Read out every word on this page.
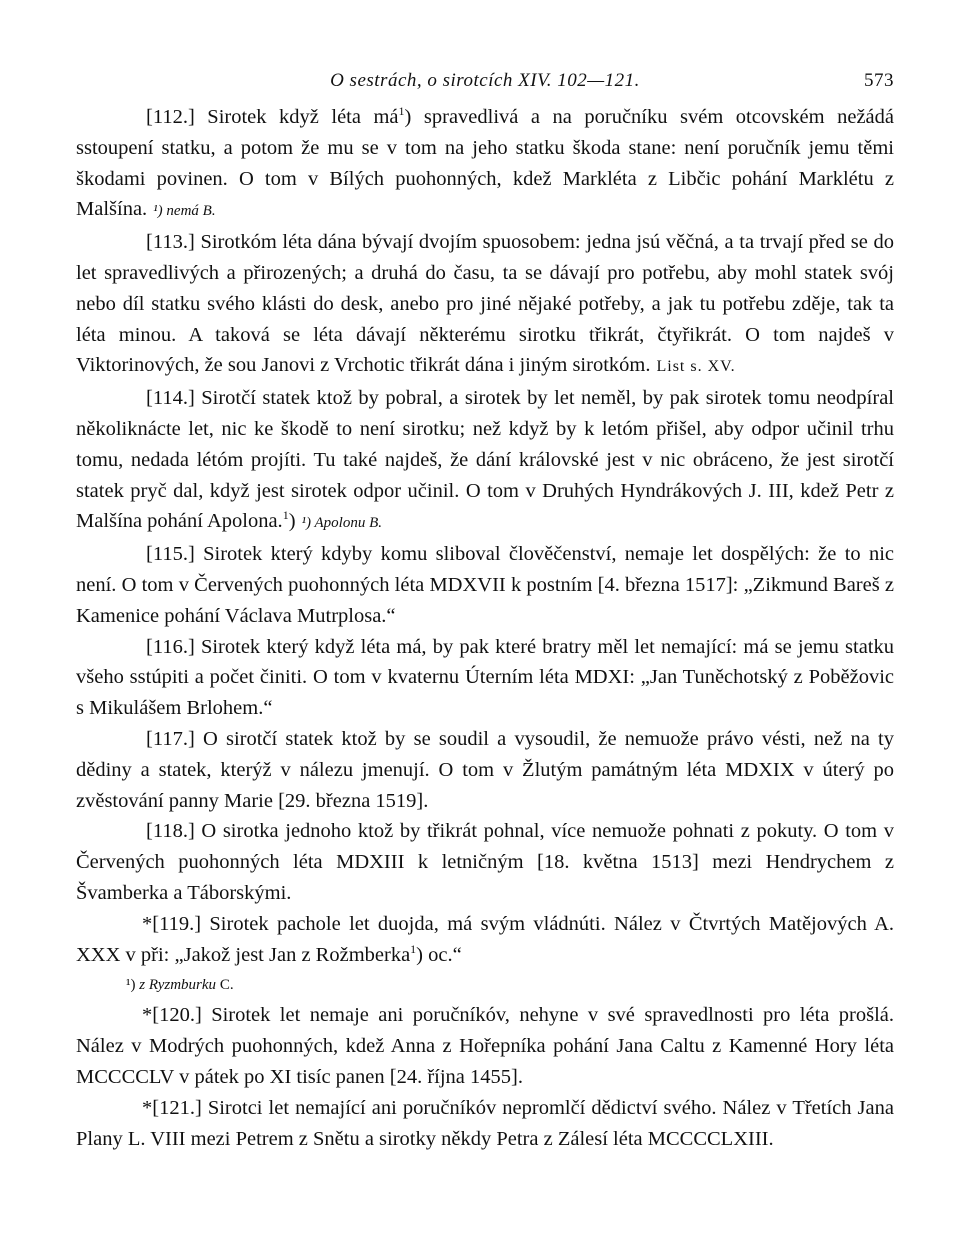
O sestrách, o sirotcích XIV. 102—121.	573

[112.] Sirotek když léta $má^1$) spravedlivá a na poručníku svém otcovském nežádá sstoupení statku, a potom že mu se v tom na jeho statku škoda stane: není poručník jemu těmi škodami povinen. O tom v Bílých puohonných, kdež Markléta z Libčic pohání Marklétu z Malšína. ¹) nemá B.

[113.] Sirotkóm léta dána bývají dvojím spuosobem: jedna jsú věčná, a ta trvají před se do let spravedlivých a přirozených; a druhá do času, ta se dávají pro potřebu, aby mohl statek svój nebo díl statku svého klásti do desk, anebo pro jiné nějaké potřeby, a jak tu potřebu zděje, tak ta léta minou. A taková se léta dávají některému sirotku třikrát, čtyřikrát. O tom najdeš v Viktorinových, že sou Janovi z Vrchotic třikrát dána i jiným sirotkóm. List s. XV.

[114.] Sirotčí statek ktož by pobral, a sirotek by let neměl, by pak sirotek tomu neodpíral několiknácte let, nic ke škodě to není sirotku; než když by k letóm přišel, aby odpor učinil trhu tomu, nedada létóm projíti. Tu také najdeš, že dání královské jest v nic obráceno, že jest sirotčí statek pryč dal, když jest sirotek odpor učinil. O tom v Druhých Hyndrákových J. III, kdež Petr z Malšína pohání Apolona.$^1$) ¹) Apolonu B.

[115.] Sirotek který kdyby komu sliboval člověčenství, nemaje let dospělých: že to nic není. O tom v Červených puohonných léta MDXVII k postním [4. března 1517]: „Zikmund Bareš z Kamenice pohání Václava Mutrplosa.“

[116.] Sirotek který když léta má, by pak které bratry měl let nemající: má se jemu statku všeho sstúpiti a počet činiti. O tom v kvaternu Úterním léta MDXI: „Jan Tuněchotský z Poběžovic s Mikulášem Brlohem.“

[117.] O sirotčí statek ktož by se soudil a vysoudil, že nemuože právo vésti, než na ty dědiny a statek, kterýž v nálezu jmenují. O tom v Žlutým památným léta MDXIX v úterý po zvěstování panny Marie [29. března 1519].

[118.] O sirotka jednoho ktož by třikrát pohnal, více nemuože pohnati z pokuty. O tom v Červených puohonných léta MDXIII k letničným [18. května 1513] mezi Hendrychem z Švamberka a Táborskými.

*[119.] Sirotek pachole let duojda, má svým vládnúti. Nález v Čtvrtých Matějových A. XXX v při: „Jakož jest Jan z Rožmberka$^1$) oc.“

¹) z Ryzmburku C.

*[120.] Sirotek let nemaje ani poručníkóv, nehyne v své spravedlnosti pro léta prošlá. Nález v Modrých puohonných, kdež Anna z Hořepníka pohání Jana Caltu z Kamenné Hory léta MCCCCLV v pátek po XI tisíc panen [24. října 1455].

*[121.] Sirotci let nemající ani poručníkóv nepromlčí dědictví svého. Nález v Třetích Jana Plany L. VIII mezi Petrem z Snětu a sirotky někdy Petra z Zálesí léta MCCCCLXIII.
